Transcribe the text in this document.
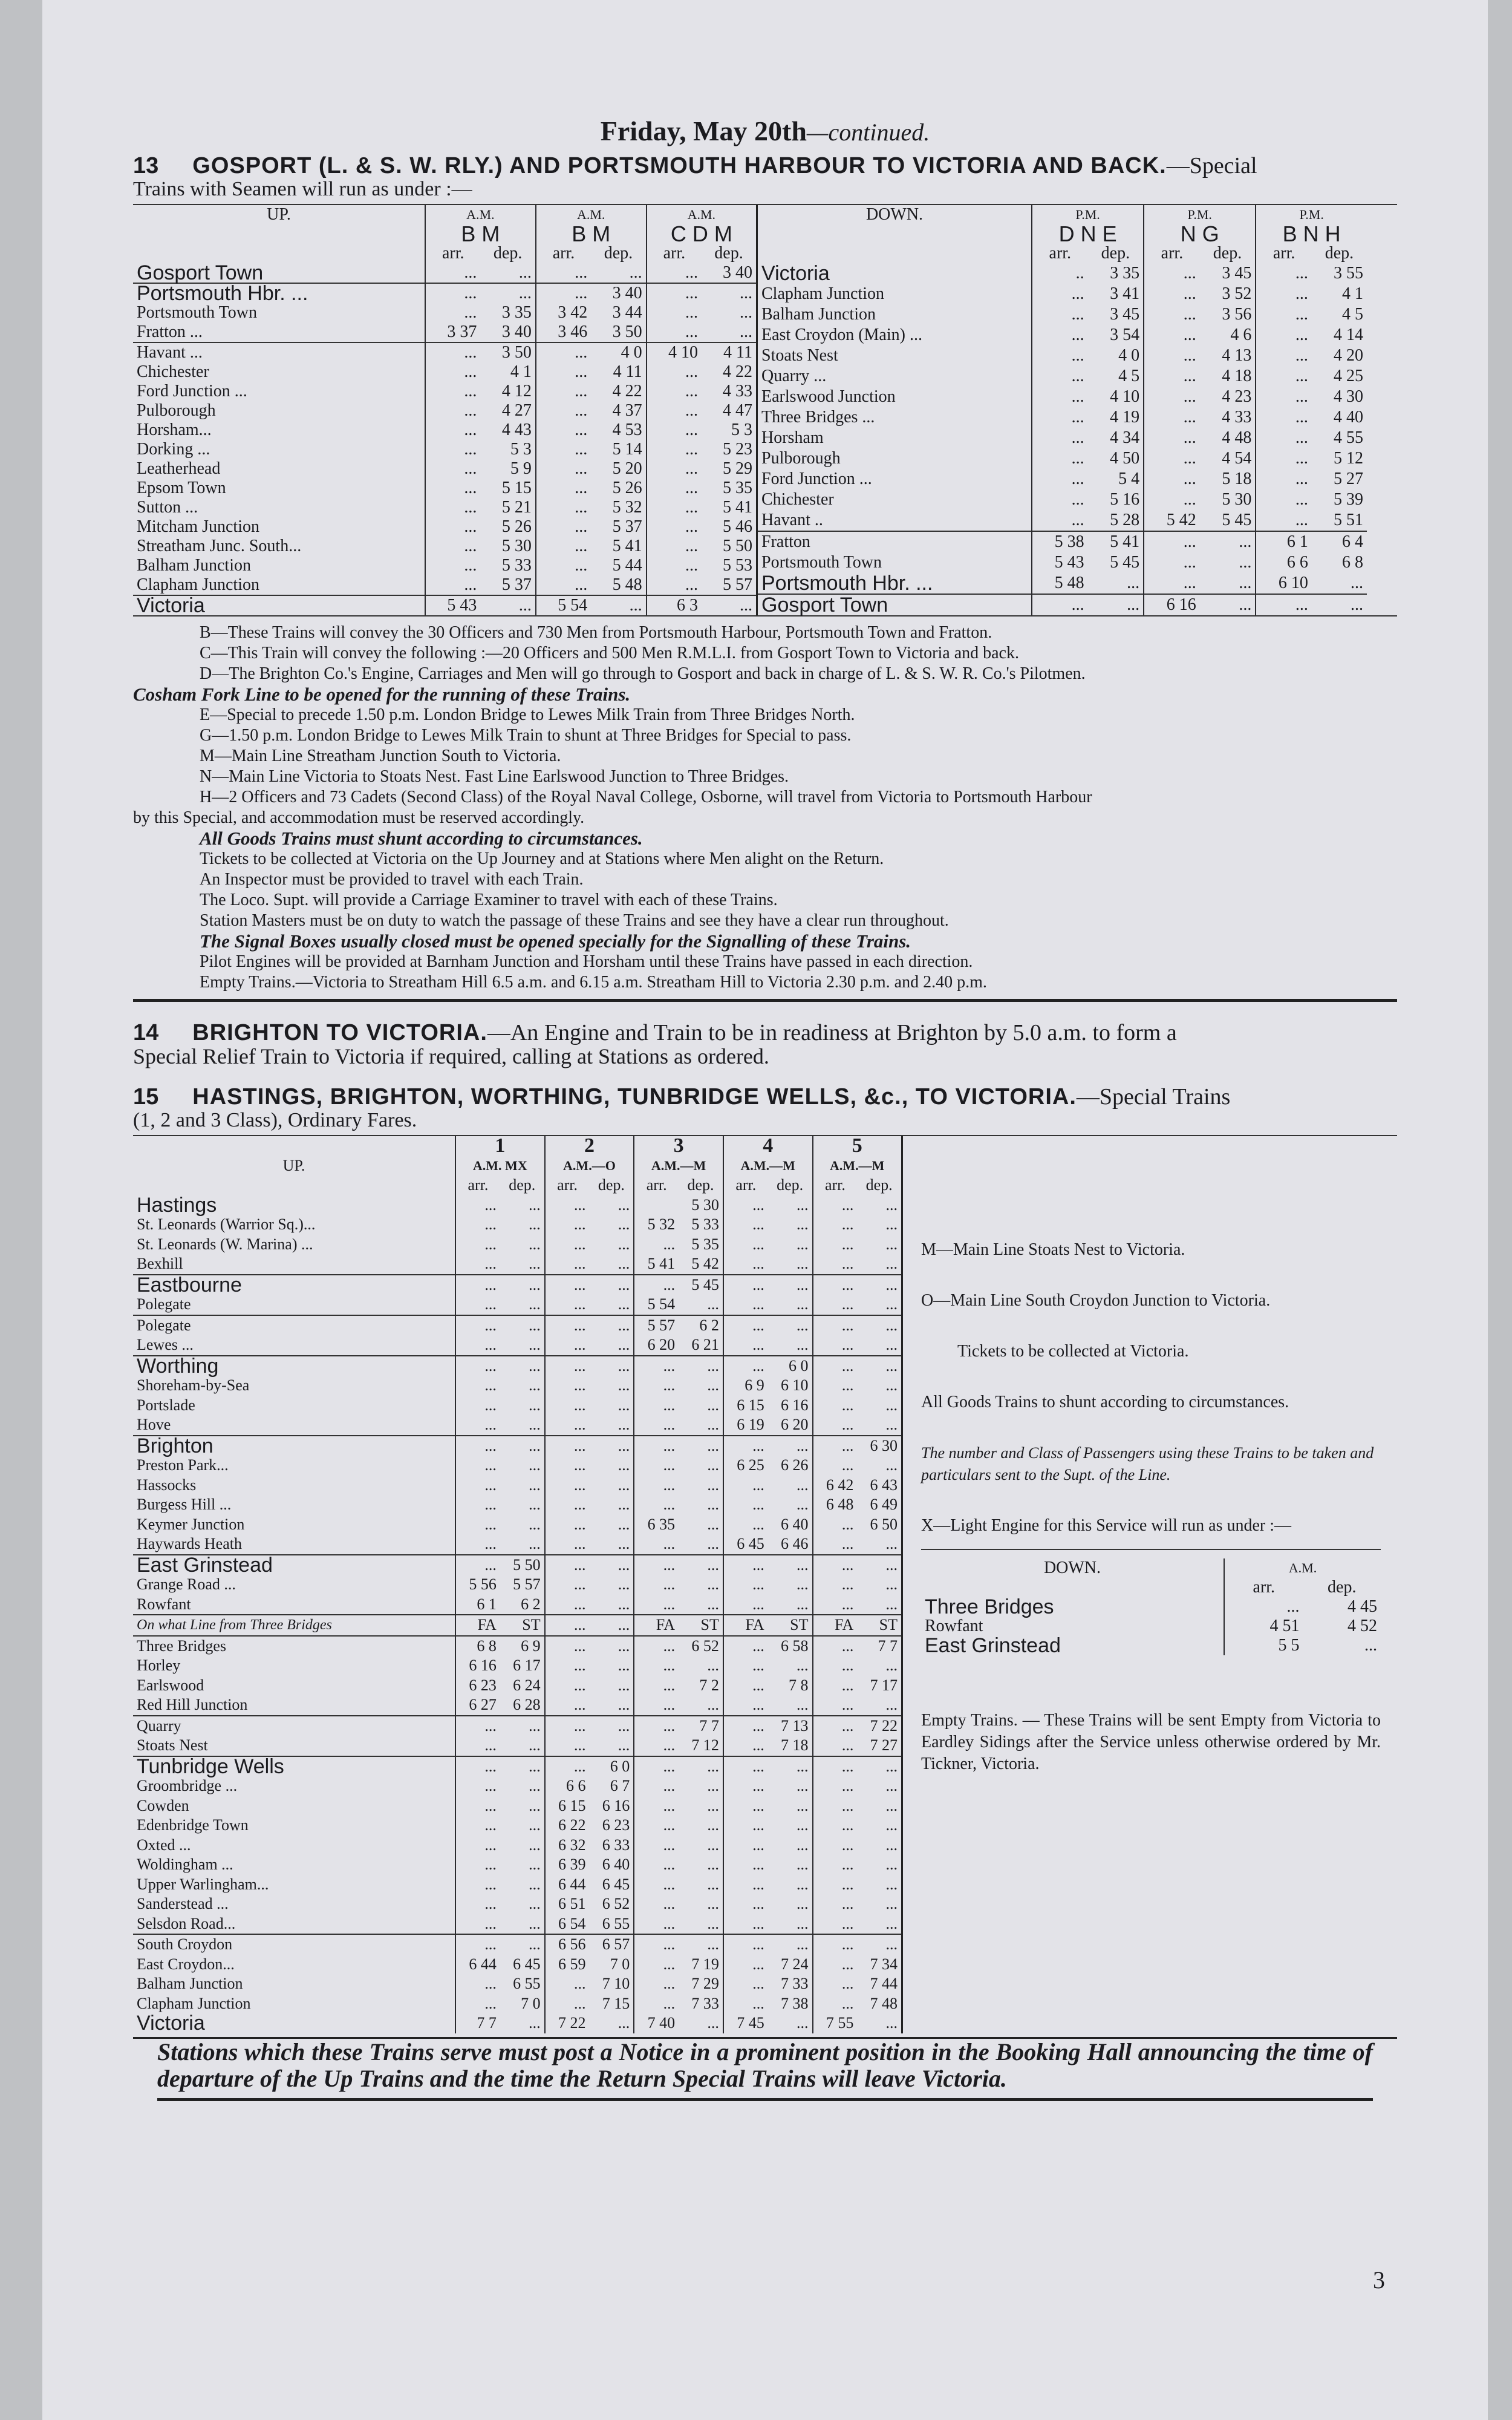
Friday, May 20th—continued.

13 GOSPORT (L. & S. W. RLY.) AND PORTSMOUTH HARBOUR TO VICTORIA AND BACK.—Special

Trains with Seamen will run as under :—

UP.	A.M.		A.M.		A.M.	
	B M		B M		C D M	
	arr.	dep.	arr.	dep.	arr.	dep.
Gosport Town	...	...	...	...	...	3 40
Portsmouth Hbr. ...	...	...	...	3 40	...	...
Portsmouth Town	...	3 35	3 42	3 44	...	...
Fratton ...	3 37	3 40	3 46	3 50	...	...
Havant ...	...	3 50	...	4 0	4 10	4 11
Chichester	...	4 1	...	4 11	...	4 22
Ford Junction ...	...	4 12	...	4 22	...	4 33
Pulborough	...	4 27	...	4 37	...	4 47
Horsham...	...	4 43	...	4 53	...	5 3
Dorking ...	...	5 3	...	5 14	...	5 23
Leatherhead	...	5 9	...	5 20	...	5 29
Epsom Town	...	5 15	...	5 26	...	5 35
Sutton ...	...	5 21	...	5 32	...	5 41
Mitcham Junction	...	5 26	...	5 37	...	5 46
Streatham Junc. South...	...	5 30	...	5 41	...	5 50
Balham Junction	...	5 33	...	5 44	...	5 53
Clapham Junction	...	5 37	...	5 48	...	5 57
Victoria	5 43	...	5 54	...	6 3	...
DOWN.	P.M.		P.M.		P.M.	
	D N E		N G		B N H	
	arr.	dep.	arr.	dep.	arr.	dep.
Victoria	..	3 35	...	3 45	...	3 55
Clapham Junction	...	3 41	...	3 52	...	4 1
Balham Junction	...	3 45	...	3 56	...	4 5
East Croydon (Main) ...	...	3 54	...	4 6	...	4 14
Stoats Nest	...	4 0	...	4 13	...	4 20
Quarry ...	...	4 5	...	4 18	...	4 25
Earlswood Junction	...	4 10	...	4 23	...	4 30
Three Bridges ...	...	4 19	...	4 33	...	4 40
Horsham	...	4 34	...	4 48	...	4 55
Pulborough	...	4 50	...	4 54	...	5 12
Ford Junction ...	...	5 4	...	5 18	...	5 27
Chichester	...	5 16	...	5 30	...	5 39
Havant ..	...	5 28	5 42	5 45	...	5 51
Fratton	5 38	5 41	...	...	6 1	6 4
Portsmouth Town	5 43	5 45	...	...	6 6	6 8
Portsmouth Hbr. ...	5 48	...	...	...	6 10	...
Gosport Town	...	...	6 16	...	...	...

B—These Trains will convey the 30 Officers and 730 Men from Portsmouth Harbour, Portsmouth Town and Fratton.

C—This Train will convey the following :—20 Officers and 500 Men R.M.L.I. from Gosport Town to Victoria and back.

D—The Brighton Co.'s Engine, Carriages and Men will go through to Gosport and back in charge of L. & S. W. R. Co.'s Pilotmen.

Cosham Fork Line to be opened for the running of these Trains.

E—Special to precede 1.50 p.m. London Bridge to Lewes Milk Train from Three Bridges North.

G—1.50 p.m. London Bridge to Lewes Milk Train to shunt at Three Bridges for Special to pass.

M—Main Line Streatham Junction South to Victoria.

N—Main Line Victoria to Stoats Nest. Fast Line Earlswood Junction to Three Bridges.

H—2 Officers and 73 Cadets (Second Class) of the Royal Naval College, Osborne, will travel from Victoria to Portsmouth Harbour

by this Special, and accommodation must be reserved accordingly.

All Goods Trains must shunt according to circumstances.

Tickets to be collected at Victoria on the Up Journey and at Stations where Men alight on the Return.

An Inspector must be provided to travel with each Train.

The Loco. Supt. will provide a Carriage Examiner to travel with each of these Trains.

Station Masters must be on duty to watch the passage of these Trains and see they have a clear run throughout.

The Signal Boxes usually closed must be opened specially for the Signalling of these Trains.

Pilot Engines will be provided at Barnham Junction and Horsham until these Trains have passed in each direction.

Empty Trains.—Victoria to Streatham Hill 6.5 a.m. and 6.15 a.m. Streatham Hill to Victoria 2.30 p.m. and 2.40 p.m.

14 BRIGHTON TO VICTORIA.—An Engine and Train to be in readiness at Brighton by 5.0 a.m. to form a

Special Relief Train to Victoria if required, calling at Stations as ordered.

15 HASTINGS, BRIGHTON, WORTHING, TUNBRIDGE WELLS, &c., TO VICTORIA.—Special Trains

(1, 2 and 3 Class), Ordinary Fares.

UP.	1		2		3		4		5	
	A.M. MX		A.M.—O		A.M.—M		A.M.—M		A.M.—M	
	arr.	dep.	arr.	dep.	arr.	dep.	arr.	dep.	arr.	dep.
Hastings	...	...	...	...		5 30	...	...	...	...
St. Leonards (Warrior Sq.)...	...	...	...	...	5 32	5 33	...	...	...	...
St. Leonards (W. Marina) ...	...	...	...	...	...	5 35	...	...	...	...
Bexhill	...	...	...	...	5 41	5 42	...	...	...	...
Eastbourne	...	...	...	...	...	5 45	...	...	...	...
Polegate	...	...	...	...	5 54	...	...	...	...	...
Polegate	...	...	...	...	5 57	6 2	...	...	...	...
Lewes ...	...	...	...	...	6 20	6 21	...	...	...	...
Worthing	...	...	...	...	...	...	...	6 0	...	...
Shoreham-by-Sea	...	...	...	...	...	...	6 9	6 10	...	...
Portslade	...	...	...	...	...	...	6 15	6 16	...	...
Hove	...	...	...	...	...	...	6 19	6 20	...	...
Brighton	...	...	...	...	...	...	...	...	...	6 30
Preston Park...	...	...	...	...	...	...	6 25	6 26	...	...
Hassocks	...	...	...	...	...	...	...	...	6 42	6 43
Burgess Hill ...	...	...	...	...	...	...	...	...	6 48	6 49
Keymer Junction	...	...	...	...	6 35	...	...	6 40	...	6 50
Haywards Heath	...	...	...	...	...	...	6 45	6 46	...	...
East Grinstead	...	5 50	...	...	...	...	...	...	...	...
Grange Road ...	5 56	5 57	...	...	...	...	...	...	...	...
Rowfant	6 1	6 2	...	...	...	...	...	...	...	...
On what Line from Three Bridges	FA	ST	...	...	FA	ST	FA	ST	FA	ST
Three Bridges	6 8	6 9	...	...	...	6 52	...	6 58	...	7 7
Horley	6 16	6 17	...	...	...	...	...	...	...	...
Earlswood	6 23	6 24	...	...	...	7 2	...	7 8	...	7 17
Red Hill Junction	6 27	6 28	...	...	...	...	...	...	...	...
Quarry	...	...	...	...	...	7 7	...	7 13	...	7 22
Stoats Nest	...	...	...	...	...	7 12	...	7 18	...	7 27
Tunbridge Wells	...	...	...	6 0	...	...	...	...	...	...
Groombridge ...	...	...	6 6	6 7	...	...	...	...	...	...
Cowden	...	...	6 15	6 16	...	...	...	...	...	...
Edenbridge Town	...	...	6 22	6 23	...	...	...	...	...	...
Oxted ...	...	...	6 32	6 33	...	...	...	...	...	...
Woldingham ...	...	...	6 39	6 40	...	...	...	...	...	...
Upper Warlingham...	...	...	6 44	6 45	...	...	...	...	...	...
Sanderstead ...	...	...	6 51	6 52	...	...	...	...	...	...
Selsdon Road...	...	...	6 54	6 55	...	...	...	...	...	...
South Croydon	...	...	6 56	6 57	...	...	...	...	...	...
East Croydon...	6 44	6 45	6 59	7 0	...	7 19	...	7 24	...	7 34
Balham Junction	...	6 55	...	7 10	...	7 29	...	7 33	...	7 44
Clapham Junction	...	7 0	...	7 15	...	7 33	...	7 38	...	7 48
Victoria	7 7	...	7 22	...	7 40	...	7 45	...	7 55	...

M—Main Line Stoats Nest to Victoria.

O—Main Line South Croydon Junction to Victoria.

Tickets to be collected at Victoria.

All Goods Trains to shunt according to circumstances.

The number and Class of Passengers using these Trains to be taken and particulars sent to the Supt. of the Line.

X—Light Engine for this Service will run as under :—

DOWN.	A.M.	
	arr.	dep.
Three Bridges	...	4 45
Rowfant	4 51	4 52
East Grinstead	5 5	...

Empty Trains. — These Trains will be sent Empty from Victoria to Eardley Sidings after the Service unless otherwise ordered by Mr. Tickner, Victoria.

Stations which these Trains serve must post a Notice in a prominent position in the Booking Hall announcing the time of departure of the Up Trains and the time the Return Special Trains will leave Victoria.
3
